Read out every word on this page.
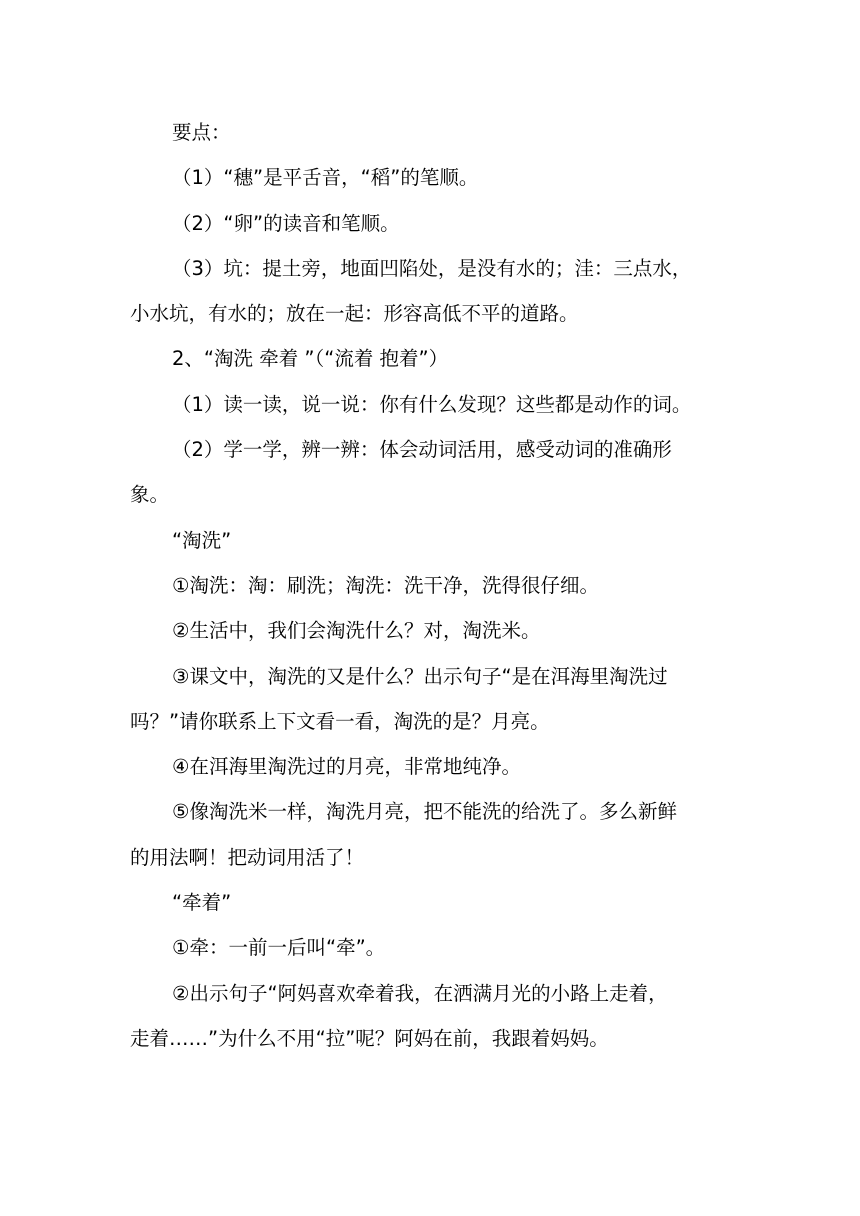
要点：
（1）“穗”是平舌音，“稻”的笔顺。
（2）“卵”的读音和笔顺。
（3）坑：提土旁，地面凹陷处，是没有水的；洼：三点水，
小水坑，有水的；放在一起：形容高低不平的道路。
2、“淘洗 牵着 ”（“流着 抱着”）
（1）读一读，说一说：你有什么发现？这些都是动作的词。
（2）学一学，辨一辨：体会动词活用，感受动词的准确形
象。
“淘洗”
①淘洗：淘：刷洗；淘洗：洗干净，洗得很仔细。
②生活中，我们会淘洗什么？对，淘洗米。
③课文中，淘洗的又是什么？出示句子“是在洱海里淘洗过
吗？”请你联系上下文看一看，淘洗的是？月亮。
④在洱海里淘洗过的月亮，非常地纯净。
⑤像淘洗米一样，淘洗月亮，把不能洗的给洗了。多么新鲜
的用法啊！把动词用活了！
“牵着”
①牵：一前一后叫“牵”。
②出示句子“阿妈喜欢牵着我，在洒满月光的小路上走着，
走着……”为什么不用“拉”呢？阿妈在前，我跟着妈妈。
